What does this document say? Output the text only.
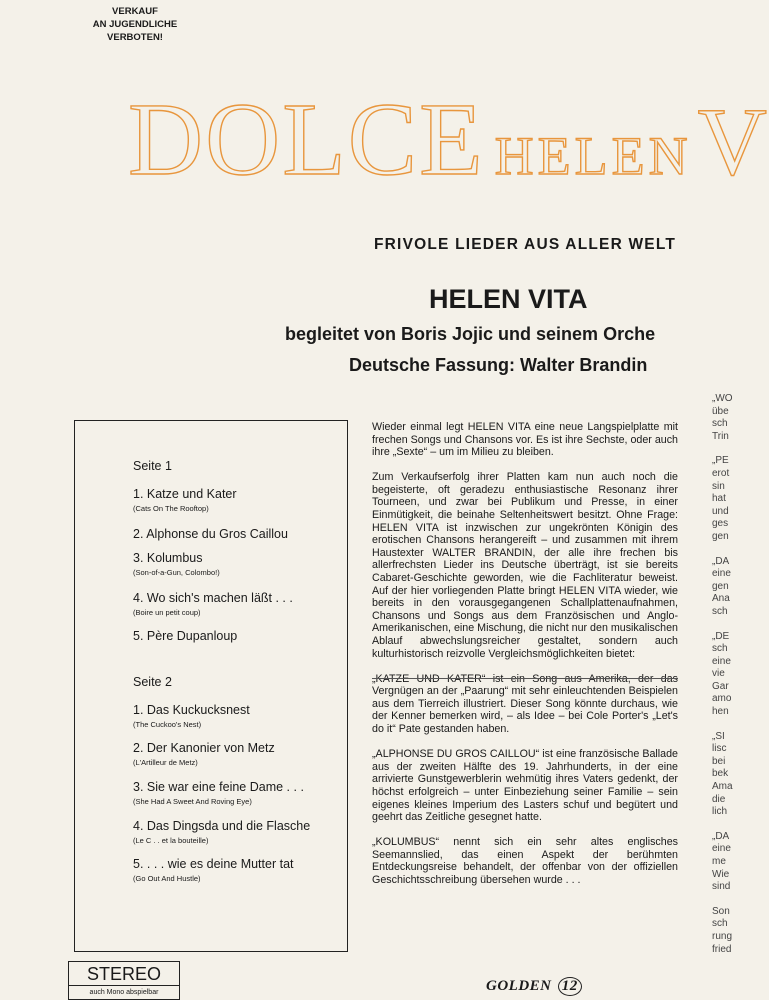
VERKAUF
AN JUGENDLICHE
VERBOTEN!
DOLCE HELENV
FRIVOLE LIEDER AUS ALLER WELT
HELEN VITA
begleitet von Boris Jojic und seinem Orche
Deutsche Fassung: Walter Brandin
Seite 1
1. Katze und Kater
(Cats On The Rooftop)
2. Alphonse du Gros Caillou
3. Kolumbus
(Son-of-a-Gun, Colombo!)
4. Wo sich's machen läßt . . .
(Boire un petit coup)
5. Père Dupanloup
Seite 2
1. Das Kuckucksnest
(The Cuckoo's Nest)
2. Der Kanonier von Metz
(L'Artilleur de Metz)
3. Sie war eine feine Dame . . .
(She Had A Sweet And Roving Eye)
4. Das Dingsda und die Flasche
(Le C . . et la bouteille)
5. . . . wie es deine Mutter tat
(Go Out And Hustle)

Wieder einmal legt HELEN VITA eine neue Langspielplatte mit frechen Songs und Chansons vor. Es ist ihre Sechste, oder auch ihre „Sexte“ – um im Milieu zu bleiben.

Zum Verkaufserfolg ihrer Platten kam nun auch noch die begeisterte, oft geradezu enthusiastische Resonanz ihrer Tourneen, und zwar bei Publikum und Presse, in einer Einmütigkeit, die beinahe Seltenheitswert besitzt. Ohne Frage: HELEN VITA ist inzwischen zur ungekrönten Königin des erotischen Chansons herangereift – und zusammen mit ihrem Haustexter WALTER BRANDIN, der alle ihre frechen bis allerfrechsten Lieder ins Deutsche überträgt, ist sie bereits Cabaret-Geschichte geworden, wie die Fachliteratur beweist. Auf der hier vorliegenden Platte bringt HELEN VITA wieder, wie bereits in den vorausgegangenen Schallplattenaufnahmen, Chansons und Songs aus dem Französischen und Anglo-Amerikanischen, eine Mischung, die nicht nur den musikalischen Ablauf abwechslungsreicher gestaltet, sondern auch kulturhistorisch reizvolle Vergleichsmöglichkeiten bietet:

„KATZE UND KATER“ ist ein Song aus Amerika, der das Vergnügen an der „Paarung“ mit sehr einleuchtenden Beispielen aus dem Tierreich illustriert. Dieser Song könnte durchaus, wie der Kenner bemerken wird, – als Idee – bei Cole Porter's „Let's do it“ Pate gestanden haben.

„ALPHONSE DU GROS CAILLOU“ ist eine französische Ballade aus der zweiten Hälfte des 19. Jahrhunderts, in der eine arrivierte Gunstgewerblerin wehmütig ihres Vaters gedenkt, der höchst erfolgreich – unter Einbeziehung seiner Familie – sein eigenes kleines Imperium des Lasters schuf und begütert und geehrt das Zeitliche gesegnet hatte.

„KOLUMBUS“ nennt sich ein sehr altes englisches Seemannslied, das einen Aspekt der berühmten Entdeckungsreise behandelt, der offenbar von der offiziellen Geschichtsschreibung übersehen wurde . . .

„WO
übe
sch
Trin
„PE
erot
sin
hat
und
ges
gen
„DA
eine
gen
Ana
sch
„DE
sch
eine
vie
Gar
amo
hen
„SI
lisc
bei
bek
Ama
die
lich
„DA
eine
me
Wie
sind
Son
sch
rung
fried
STEREO
auch Mono abspielbar	GOLDEN 12
